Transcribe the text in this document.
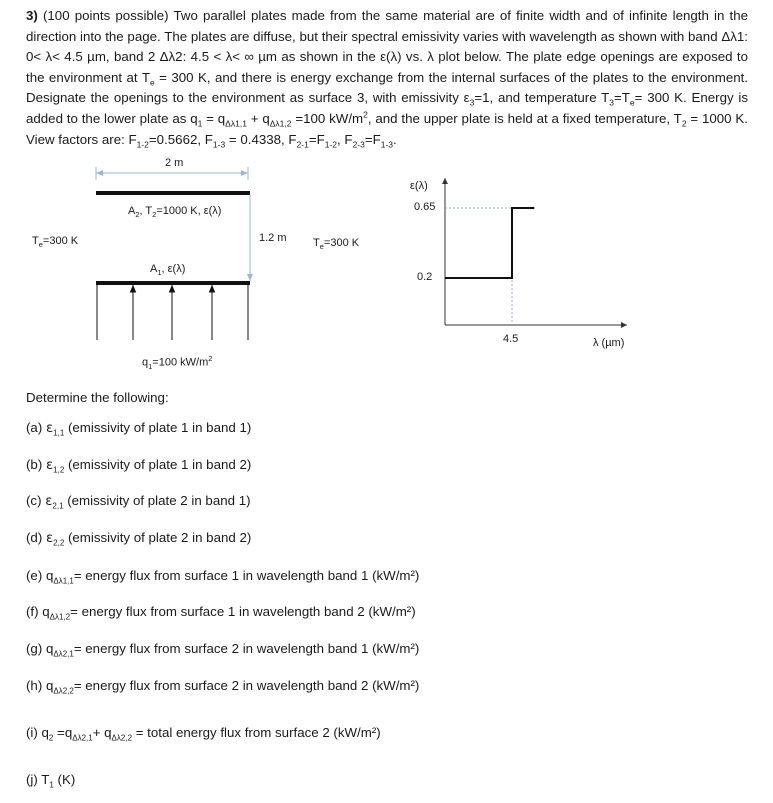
3) (100 points possible) Two parallel plates made from the same material are of finite width and of infinite length in the direction into the page. The plates are diffuse, but their spectral emissivity varies with wavelength as shown with band Δλ1: 0< λ< 4.5 µm, band 2 Δλ2: 4.5 < λ< ∞ µm as shown in the ε(λ) vs. λ plot below. The plate edge openings are exposed to the environment at $T_e = 300$ K, and there is energy exchange from the internal surfaces of the plates to the environment. Designate the openings to the environment as surface 3, with emissivity $\varepsilon_3=1$, and temperature $T_3=T_e= 300$ K. Energy is added to the lower plate as $q_1 = q_{\Delta\lambda 1,1} + q_{\Delta\lambda 1,2} =100$ $kW/m^2$, and the upper plate is held at a fixed temperature, $T_2 = 1000$ K. View factors are: $F_{1-2}=0.5662$, $F_{1-3} = 0.4338$, $F_{2-1}=F_{1-2}$, $F_{2-3}=F_{1-3}$.
2 m
$A_2$, $T_2=1000$ K, ε(λ)
1.2 m
$T_e=300$ K	$T_e=300$ K
$A_1$, ε(λ)
$q_1=100$ $kW/m^2$
ε(λ)
0.65
0.2
4.5	λ (µm)
Determine the following:
(a) $\varepsilon_{1,1}$ (emissivity of plate 1 in band 1)
(b) $\varepsilon_{1,2}$ (emissivity of plate 1 in band 2)
(c) $\varepsilon_{2,1}$ (emissivity of plate 2 in band 1)
(d) $\varepsilon_{2,2}$ (emissivity of plate 2 in band 2)
(e) $q_{\Delta\lambda 1,1}=$ energy flux from surface 1 in wavelength band 1 (kW/m²)
(f) $q_{\Delta\lambda 1,2}=$ energy flux from surface 1 in wavelength band 2 (kW/m²)
(g) $q_{\Delta\lambda 2,1}=$ energy flux from surface 2 in wavelength band 1 (kW/m²)
(h) $q_{\Delta\lambda 2,2}=$ energy flux from surface 2 in wavelength band 2 (kW/m²)
(i) $q_2 =q_{\Delta\lambda 2,1}+ q_{\Delta\lambda 2,2}$ = total energy flux from surface 2 (kW/m²)
(j) $T_1$ (K)
